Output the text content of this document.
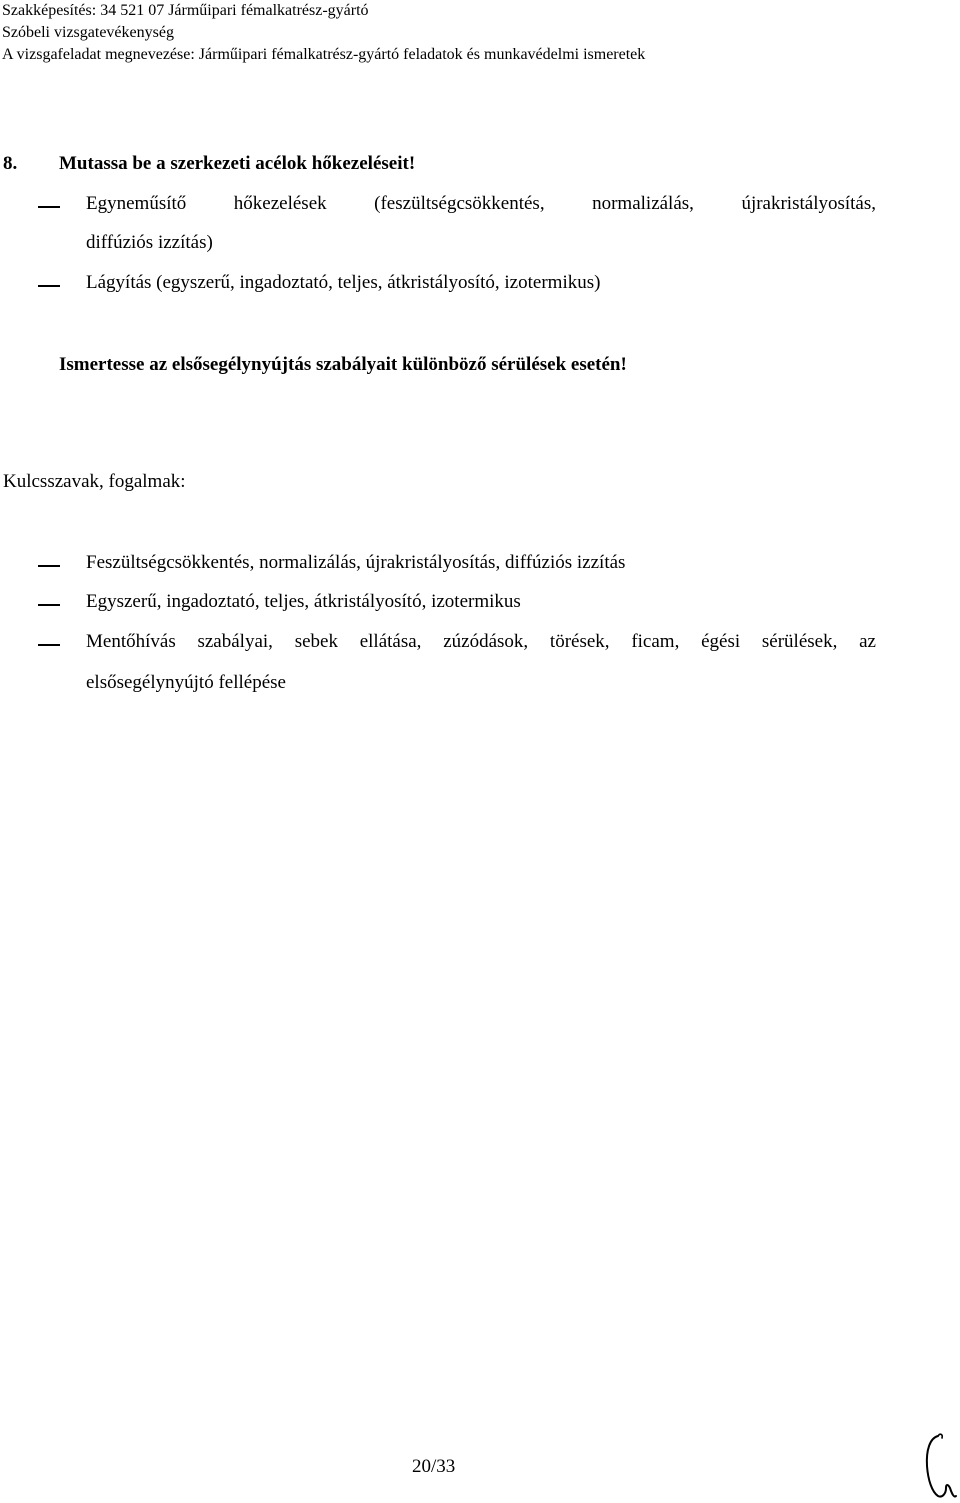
Szakképesítés: 34 521 07 Járműipari fémalkatrész-gyártó
Szóbeli vizsgatevékenység
A vizsgafeladat megnevezése: Járműipari fémalkatrész-gyártó feladatok és munkavédelmi ismeretek
8. Mutassa be a szerkezeti acélok hőkezeléseit!
Egyneműsítő	hőkezelések	(feszültségcsökkentés,	normalizálás,	újrakristályosítás,
diffúziós izzítás)
Lágyítás (egyszerű, ingadoztató, teljes, átkristályosító, izotermikus)
Ismertesse az elsősegélynyújtás szabályait különböző sérülések esetén!
Kulcsszavak, fogalmak:
Feszültségcsökkentés, normalizálás, újrakristályosítás, diffúziós izzítás
Egyszerű, ingadoztató, teljes, átkristályosító, izotermikus
Mentőhívás szabályai, sebek ellátása, zúzódások, törések, ficam, égési sérülések, az
elsősegélynyújtó fellépése
20/33
